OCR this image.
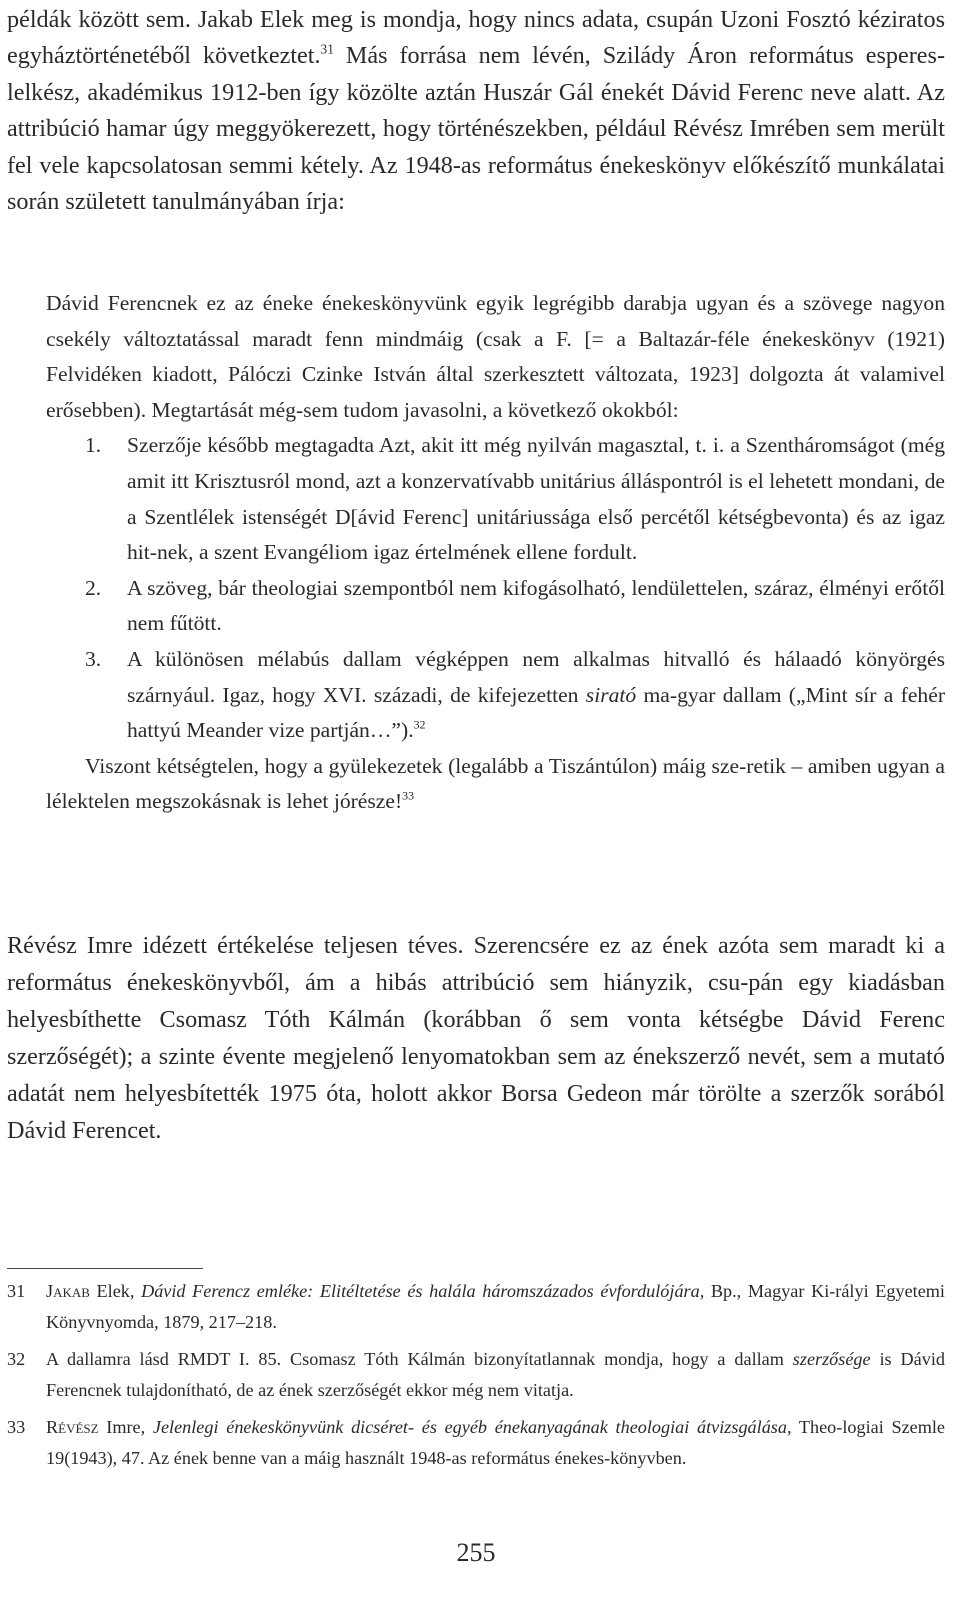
példák között sem. Jakab Elek meg is mondja, hogy nincs adata, csupán Uzoni Fosztó kéziratos egyháztörténetéből következtet.$^{31}$ Más forrása nem lévén, Szilády Áron református esperes-lelkész, akadémikus 1912-ben így közölte aztán Huszár Gál énekét Dávid Ferenc neve alatt. Az attribúció hamar úgy meggyökerezett, hogy történészekben, például Révész Imrében sem merült fel vele kapcsolatosan semmi kétely. Az 1948-as református énekeskönyv előkészítő munkálatai során született tanulmányában írja:

Dávid Ferencnek ez az éneke énekeskönyvünk egyik legrégibb darabja ugyan és a szövege nagyon csekély változtatással maradt fenn mindmáig (csak a F. [= a Baltazár-féle énekeskönyv (1921) Felvidéken kiadott, Pálóczi Czinke István által szerkesztett változata, 1923] dolgozta át valamivel erősebben). Megtartását még-sem tudom javasolni, a következő okokból:

1. Szerzője később megtagadta Azt, akit itt még nyilván magasztal, t. i. a Szentháromságot (még amit itt Krisztusról mond, azt a konzervatívabb unitárius álláspontról is el lehetett mondani, de a Szentlélek istenségét D[ávid Ferenc] unitáriussága első percétől kétségbevonta) és az igaz hit-nek, a szent Evangéliom igaz értelmének ellene fordult.
2. A szöveg, bár theologiai szempontból nem kifogásolható, lendülettelen, száraz, élményi erőtől nem fűtött.
3. A különösen mélabús dallam végképpen nem alkalmas hitvalló és hálaadó könyörgés szárnyául. Igaz, hogy XVI. századi, de kifejezetten sirató ma-gyar dallam („Mint sír a fehér hattyú Meander vize partján…”).$^{32}$

Viszont kétségtelen, hogy a gyülekezetek (legalább a Tiszántúlon) máig sze-retik – amiben ugyan a lélektelen megszokásnak is lehet jórésze!$^{33}$

Révész Imre idézett értékelése teljesen téves. Szerencsére ez az ének azóta sem maradt ki a református énekeskönyvből, ám a hibás attribúció sem hiányzik, csu-pán egy kiadásban helyesbíthette Csomasz Tóth Kálmán (korábban ő sem vonta kétségbe Dávid Ferenc szerzőségét); a szinte évente megjelenő lenyomatokban sem az énekszerző nevét, sem a mutató adatát nem helyesbítették 1975 óta, holott akkor Borsa Gedeon már törölte a szerzők sorából Dávid Ferencet.

31 Jakab Elek, Dávid Ferencz emléke: Elitéltetése és halála háromszázados évfordulójára, Bp., Magyar Ki-rályi Egyetemi Könyvnyomda, 1879, 217–218.
32 A dallamra lásd RMDT I. 85. Csomasz Tóth Kálmán bizonyítatlannak mondja, hogy a dallam szerzősége is Dávid Ferencnek tulajdonítható, de az ének szerzőségét ekkor még nem vitatja.
33 Révész Imre, Jelenlegi énekeskönyvünk dicséret- és egyéb énekanyagának theologiai átvizsgálása, Theo-logiai Szemle 19(1943), 47. Az ének benne van a máig használt 1948-as református énekes-könyvben.
255
